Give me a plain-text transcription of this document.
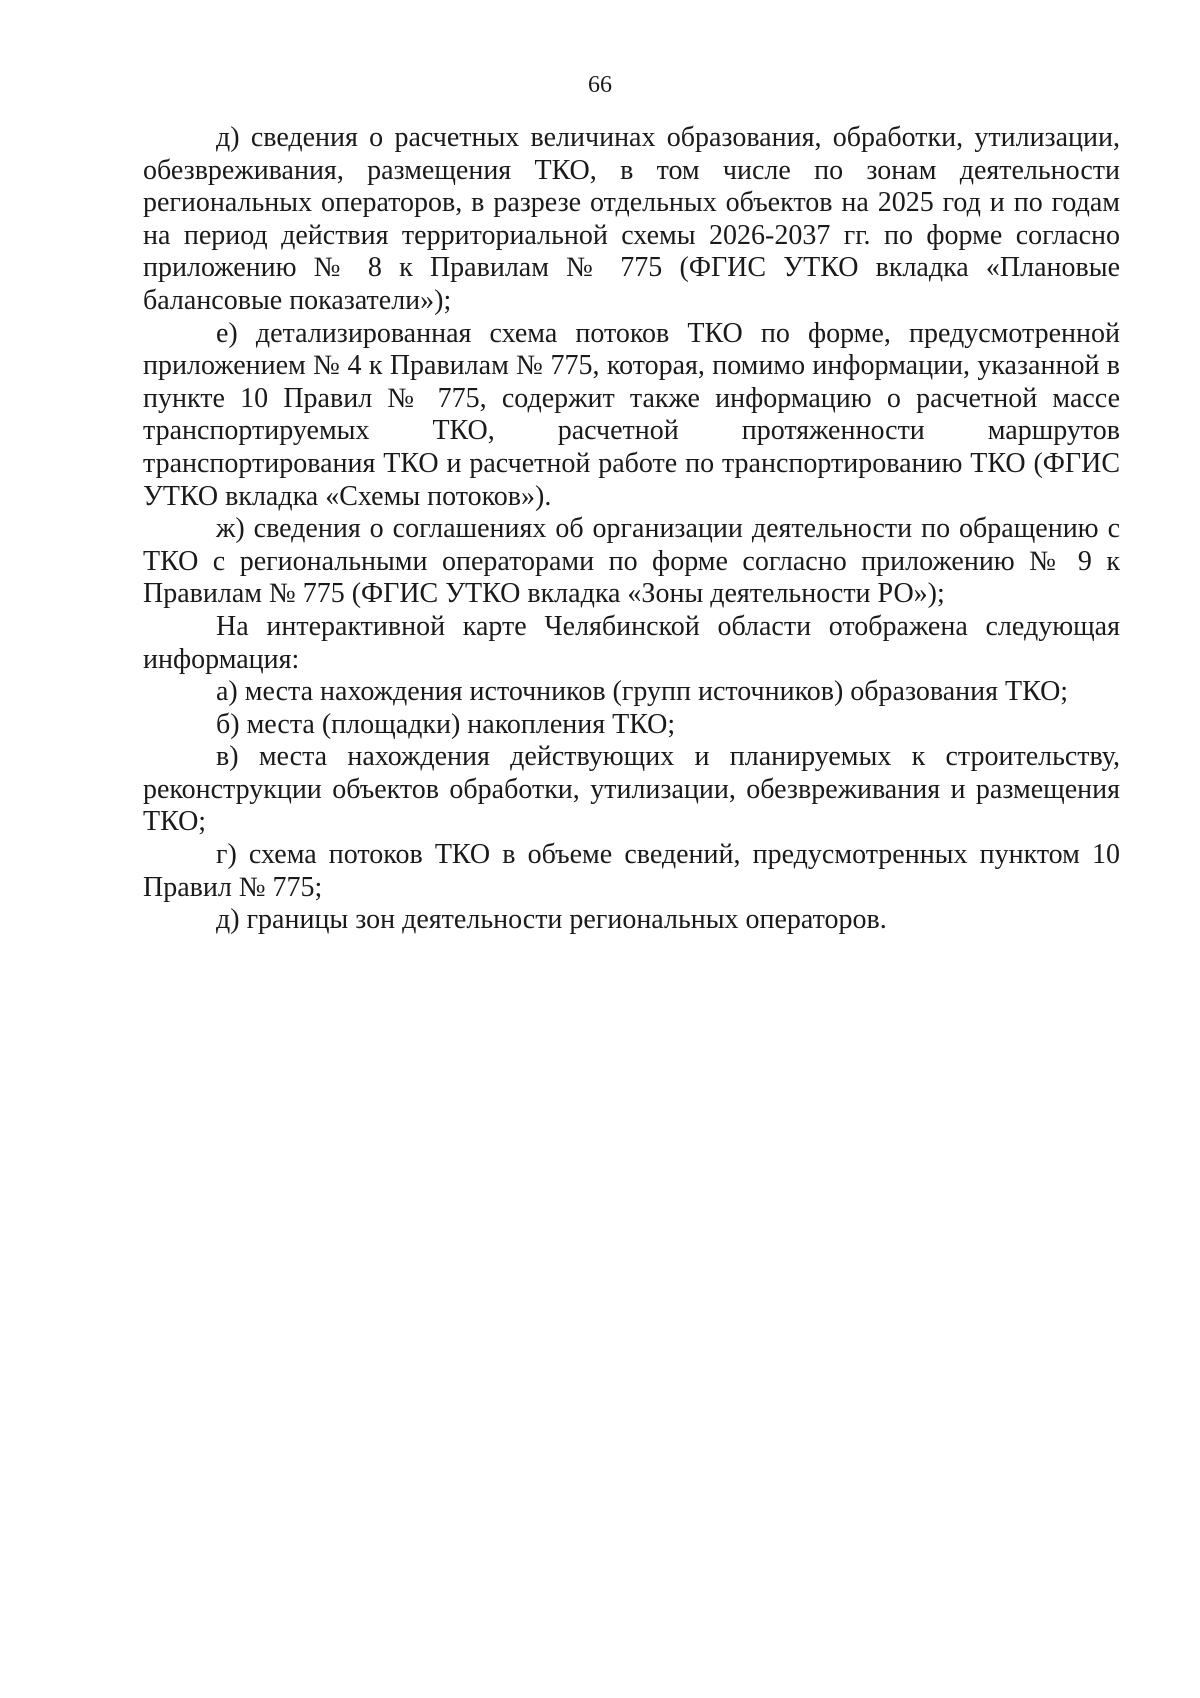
66

д) сведения о расчетных величинах образования, обработки, утилизации, обезвреживания, размещения ТКО, в том числе по зонам деятельности региональных операторов, в разрезе отдельных объектов на 2025 год и по годам на период действия территориальной схемы 2026-2037 гг. по форме согласно приложению № 8 к Правилам № 775 (ФГИС УТКО вкладка «Плановые балансовые показатели»);

е) детализированная схема потоков ТКО по форме, предусмотренной приложением № 4 к Правилам № 775, которая, помимо информации, указанной в пункте 10 Правил № 775, содержит также информацию о расчетной массе транспортируемых ТКО, расчетной протяженности маршрутов транспортирования ТКО и расчетной работе по транспортированию ТКО (ФГИС УТКО вкладка «Схемы потоков»).

ж) сведения о соглашениях об организации деятельности по обращению с ТКО с региональными операторами по форме согласно приложению № 9 к Правилам № 775 (ФГИС УТКО вкладка «Зоны деятельности РО»);

На интерактивной карте Челябинской области отображена следующая информация:

а) места нахождения источников (групп источников) образования ТКО;

б) места (площадки) накопления ТКО;

в) места нахождения действующих и планируемых к строительству, реконструкции объектов обработки, утилизации, обезвреживания и размещения ТКО;

г) схема потоков ТКО в объеме сведений, предусмотренных пунктом 10 Правил № 775;

д) границы зон деятельности региональных операторов.
